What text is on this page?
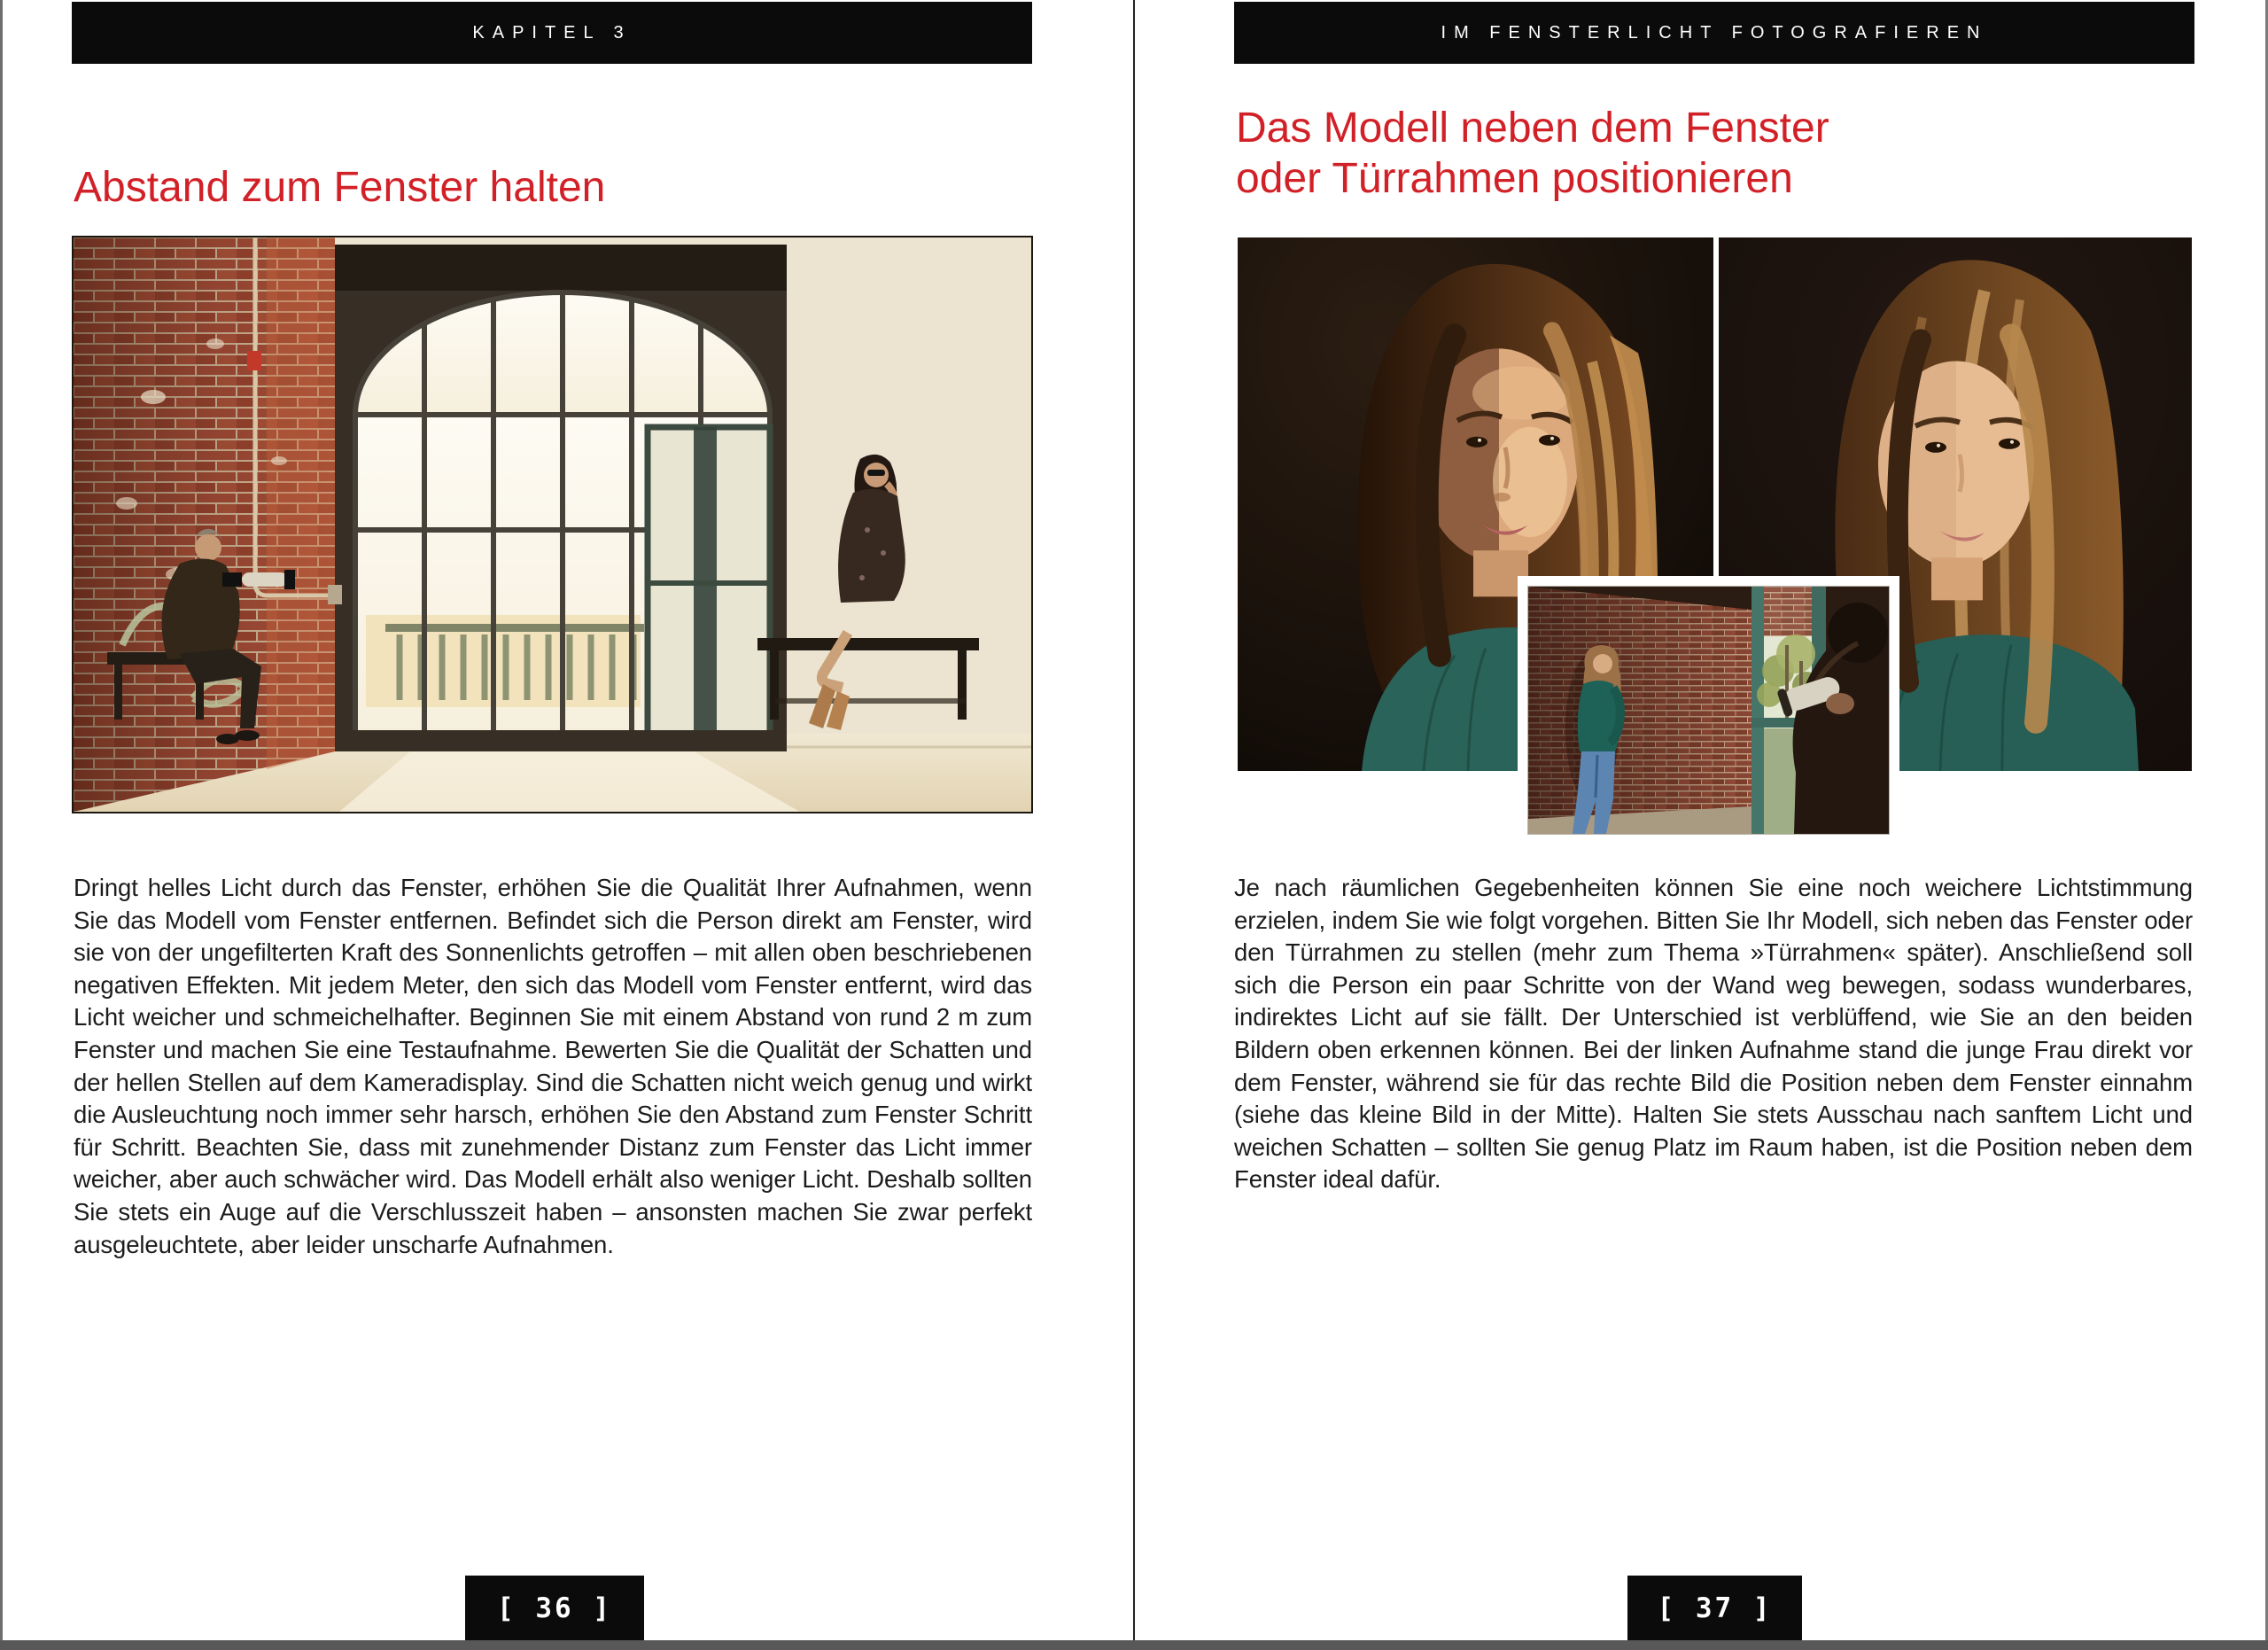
KAPITEL 3
Abstand zum Fenster halten

Dringt helles Licht durch das Fenster, erhöhen Sie die Qualität Ihrer Aufnahmen, wenn Sie das Modell vom Fenster entfernen. Befindet sich die Person direkt am Fenster, wird sie von der ungefilterten Kraft des Sonnenlichts getroffen – mit allen oben beschriebenen negativen Effekten. Mit jedem Meter, den sich das Modell vom Fenster entfernt, wird das Licht weicher und schmeichelhafter. Beginnen Sie mit einem Abstand von rund 2 m zum Fenster und machen Sie eine Testaufnahme. Bewerten Sie die Qualität der Schatten und der hellen Stellen auf dem Kameradisplay. Sind die Schatten nicht weich genug und wirkt die Ausleuchtung noch immer sehr harsch, erhöhen Sie den Abstand zum Fenster Schritt für Schritt. Beachten Sie, dass mit zunehmender Distanz zum Fenster das Licht immer weicher, aber auch schwächer wird. Das Modell erhält also weniger Licht. Deshalb sollten Sie stets ein Auge auf die Verschlusszeit haben – ansonsten machen Sie zwar perfekt ausgeleuchtete, aber leider unscharfe Aufnahmen.

[ 36 ]
IM FENSTERLICHT FOTOGRAFIEREN
Das Modell neben dem Fenster
oder Türrahmen positionieren

Je nach räumlichen Gegebenheiten können Sie eine noch weichere Lichtstimmung erzielen, indem Sie wie folgt vorgehen. Bitten Sie Ihr Modell, sich neben das Fenster oder den Türrahmen zu stellen (mehr zum Thema »Türrahmen« später). Anschließend soll sich die Person ein paar Schritte von der Wand weg bewegen, sodass wunderbares, indirektes Licht auf sie fällt. Der Unterschied ist verblüffend, wie Sie an den beiden Bildern oben erkennen können. Bei der linken Aufnahme stand die junge Frau direkt vor dem Fenster, während sie für das rechte Bild die Position neben dem Fenster einnahm (siehe das kleine Bild in der Mitte). Halten Sie stets Ausschau nach sanftem Licht und weichen Schatten – sollten Sie genug Platz im Raum haben, ist die Position neben dem Fenster ideal dafür.

[ 37 ]
